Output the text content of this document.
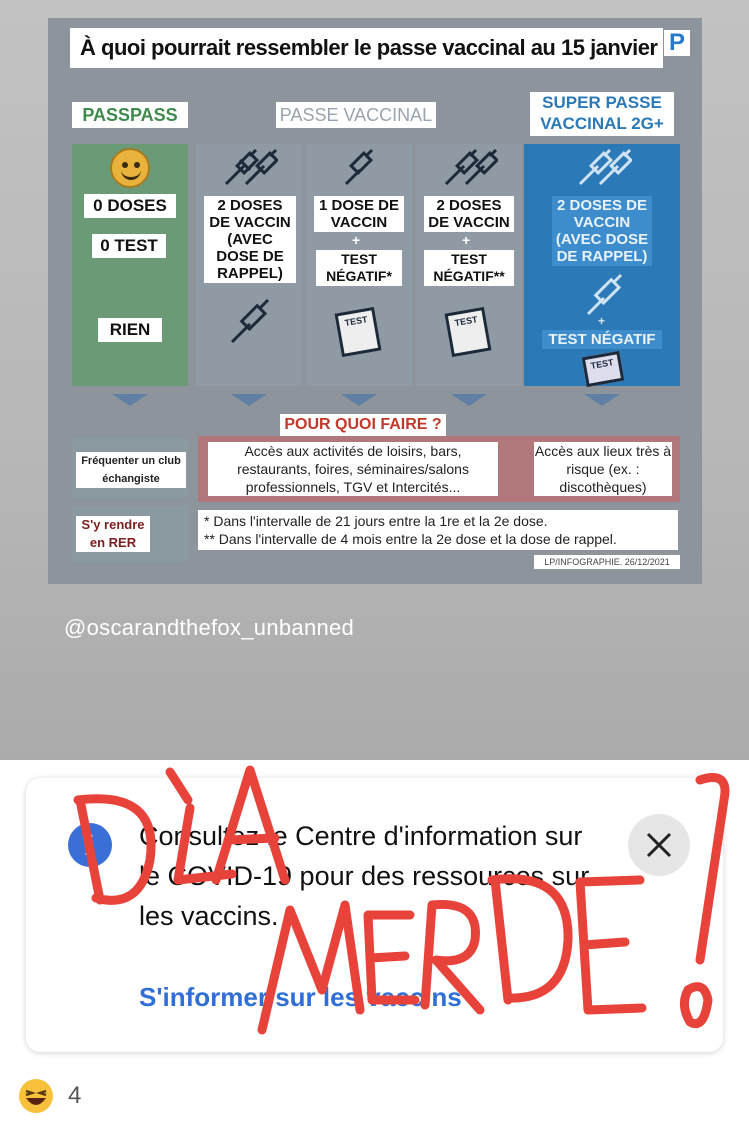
À quoi pourrait ressembler le passe vaccinal au 15 janvier P
PASSPASS	PASSE VACCINAL
SUPER PASSE VACCINAL 2G+
0 DOSES
0 TEST
RIEN
2 DOSES DE VACCIN (AVEC DOSE DE RAPPEL)
1 DOSE DE VACCIN
+
TEST NÉGATIF*
TEST
2 DOSES DE VACCIN
+
TEST NÉGATIF**
TEST
2 DOSES DE VACCIN (AVEC DOSE DE RAPPEL)
+
TEST NÉGATIF
TEST
POUR QUOI FAIRE ?
Fréquenter un club échangiste
S'y rendre en RER
Accès aux activités de loisirs, bars, restaurants, foires, séminaires/salons professionnels, TGV et Intercités...
Accès aux lieux très à risque (ex. : discothèques)
* Dans l'intervalle de 21 jours entre la 1re et la 2e dose.
** Dans l'intervalle de 4 mois entre la 2e dose et la dose de rappel.
LP/INFOGRAPHIE. 26/12/2021
@oscarandthefox_unbanned
i	Consultez le Centre d'information sur le COVID-19 pour des ressources sur les vaccins.
S'informer sur les vaccins
4
